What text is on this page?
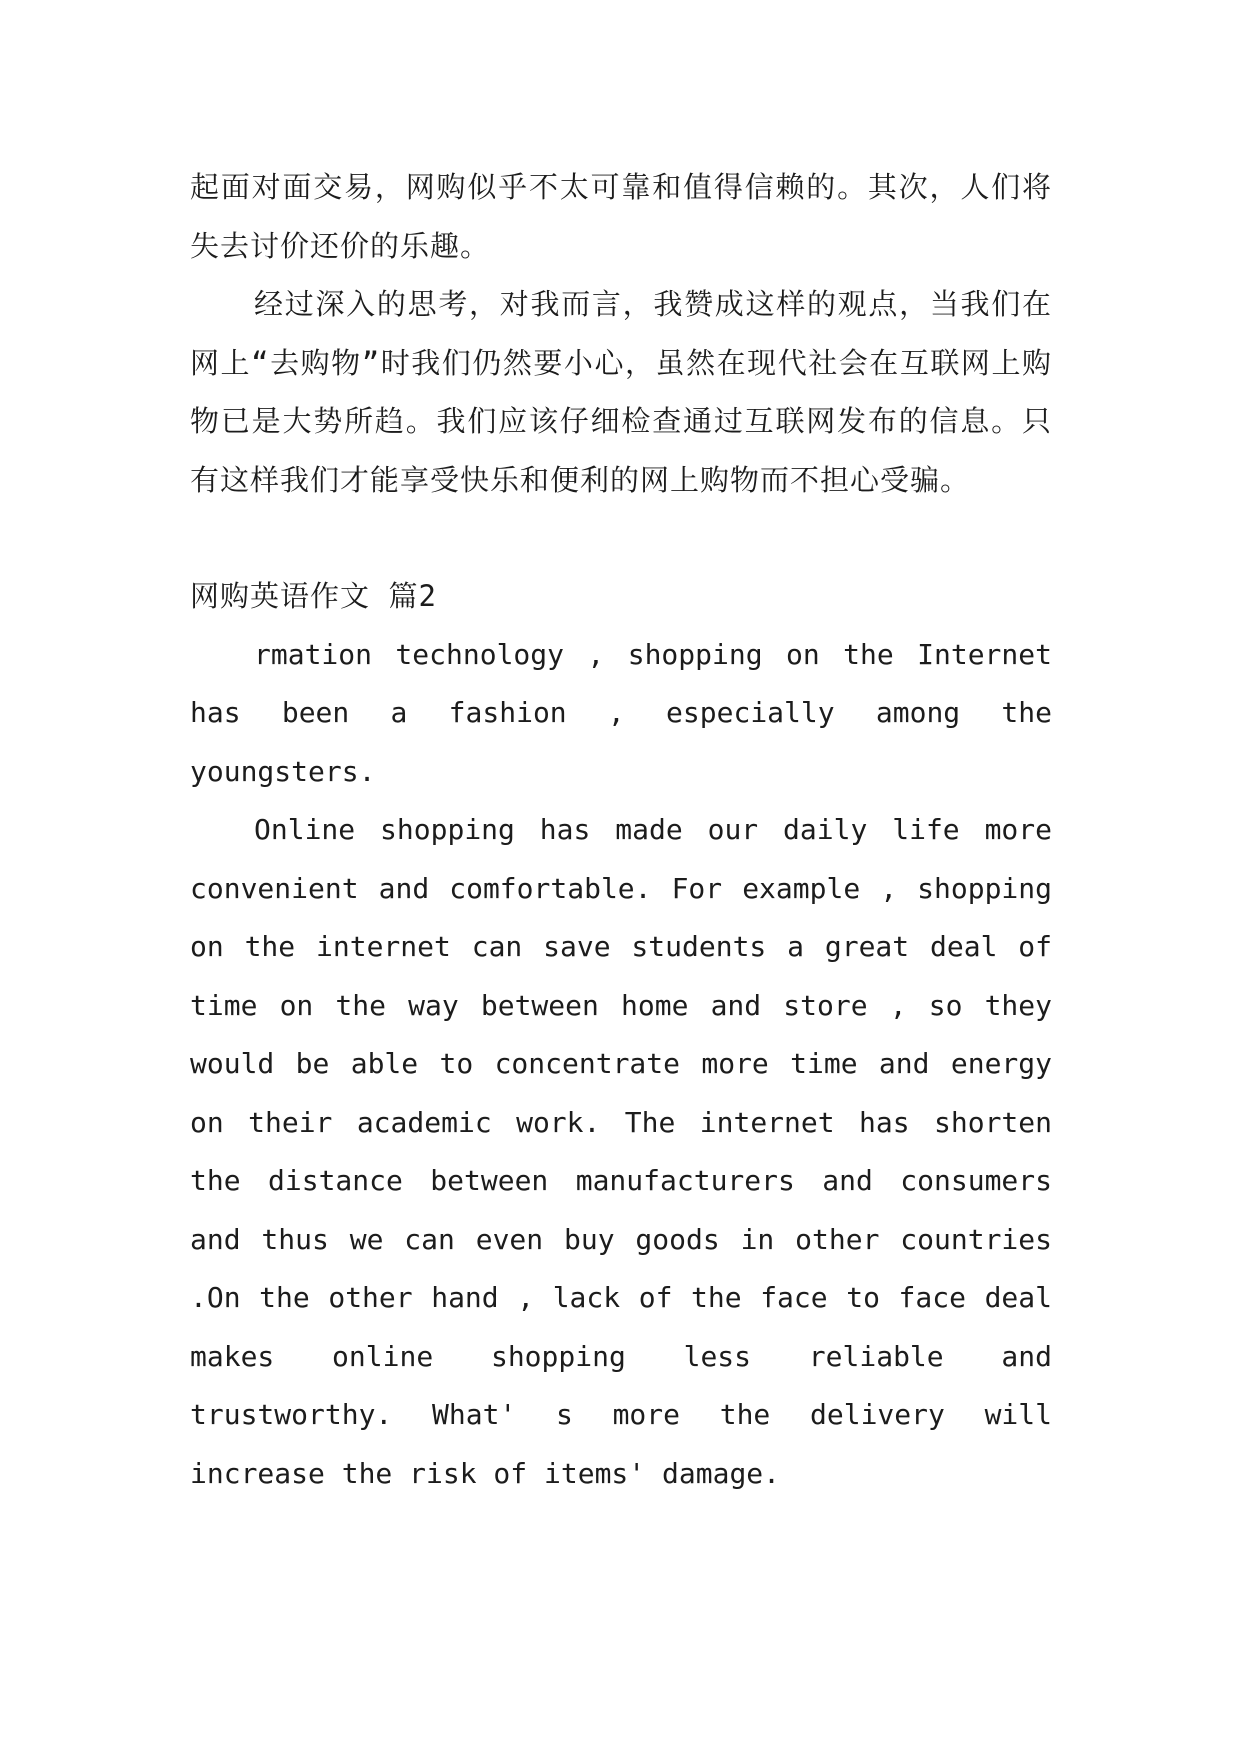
起面对面交易，网购似乎不太可靠和值得信赖的。其次，人们将失去讨价还价的乐趣。

经过深入的思考，对我而言，我赞成这样的观点，当我们在网上“去购物”时我们仍然要小心，虽然在现代社会在互联网上购物已是大势所趋。我们应该仔细检查通过互联网发布的信息。只有这样我们才能享受快乐和便利的网上购物而不担心受骗。

网购英语作文 篇2

rmation technology , shopping on the Internet has been a fashion , especially among the youngsters.

Online shopping has made our daily life more convenient and comfortable. For example , shopping on the internet can save students a great deal of time on the way between home and store , so they would be able to concentrate more time and energy on their academic work. The internet has shorten the distance between manufacturers and consumers and thus we can even buy goods in other countries .On the other hand , lack of the face to face deal makes online shopping less reliable and trustworthy. What' s more the delivery will increase the risk of items' damage.
